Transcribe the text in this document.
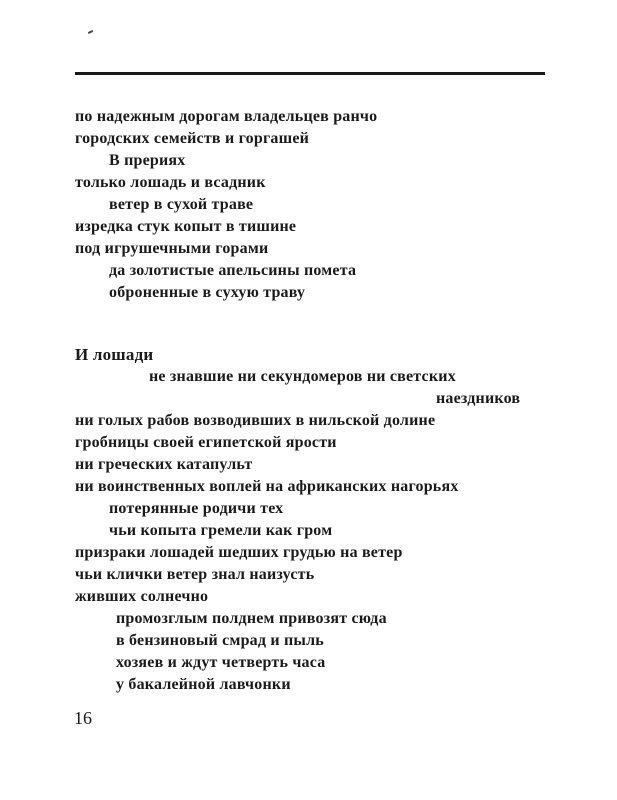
по надежным дорогам владельцев ранчо
городских семейств и горгашей
В прериях
только лошадь и всадник
ветер в сухой траве
изредка стук копыт в тишине
под игрушечными горами
да золотистые апельсины помета
оброненные в сухую траву
И лошади
не знавшие ни секундомеров ни светских
наездников
ни голых рабов возводивших в нильской долине
гробницы своей египетской ярости
ни греческих катапульт
ни воинственных воплей на африканских нагорьях
потерянные родичи тех
чьи копыта гремели как гром
призраки лошадей шедших грудью на ветер
чьи клички ветер знал наизусть
живших солнечно
промозглым полднем привозят сюда
в бензиновый смрад и пыль
хозяев и ждут четверть часа
у бакалейной лавчонки
16
